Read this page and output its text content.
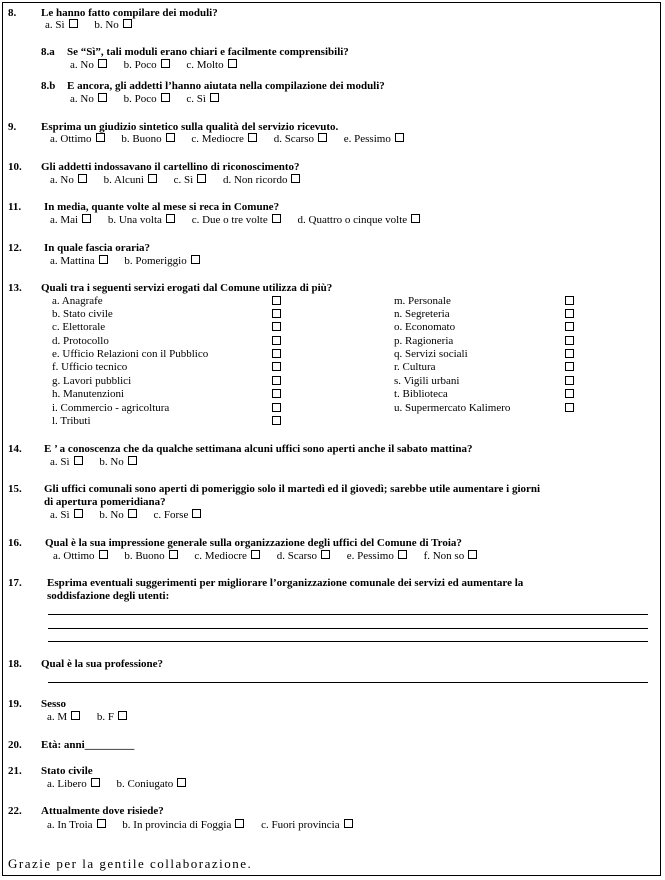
8. Le hanno fatto compilare dei moduli?
a. Sì	b. No
8.a Se “Sì”, tali moduli erano chiari e facilmente comprensibili?
a. No	b. Poco	c. Molto
8.b E ancora, gli addetti l’hanno aiutata nella compilazione dei moduli?
a. No	b. Poco	c. Sì
9. Esprima un giudizio sintetico sulla qualità del servizio ricevuto.
a. Ottimo	b. Buono	c. Mediocre	d. Scarso	e. Pessimo
10. Gli addetti indossavano il cartellino di riconoscimento?
a. No	b. Alcuni	c. Sì	d. Non ricordo
11. In media, quante volte al mese si reca in Comune?
a. Mai	b. Una volta	c. Due o tre volte	d. Quattro o cinque volte
12. In quale fascia oraria?
a. Mattina	b. Pomeriggio
13. Quali tra i seguenti servizi erogati dal Comune utilizza di più?
a. Anagrafe
b. Stato civile
c. Elettorale
d. Protocollo
e. Ufficio Relazioni con il Pubblico
f. Ufficio tecnico
g. Lavori pubblici
h. Manutenzioni
i. Commercio - agricoltura
l. Tributi
m. Personale
n. Segreteria
o. Economato
p. Ragioneria
q. Servizi sociali
r. Cultura
s. Vigili urbani
t. Biblioteca
u. Supermercato Kalimero
14. E ’ a conoscenza che da qualche settimana alcuni uffici sono aperti anche il sabato mattina?
a. Sì	b. No
15. Gli uffici comunali sono aperti di pomeriggio solo il martedì ed il giovedì; sarebbe utile aumentare i giorni
di apertura pomeridiana?
a. Sì	b. No	c. Forse
16. Qual è la sua impressione generale sulla organizzazione degli uffici del Comune di Troia?
a. Ottimo	b. Buono	c. Mediocre	d. Scarso	e. Pessimo	f. Non so
17. Esprima eventuali suggerimenti per migliorare l’organizzazione comunale dei servizi ed aumentare la
soddisfazione degli utenti:
18. Qual è la sua professione?
19. Sesso
a. M	b. F
20. Età: anni_________
21. Stato civile
a. Libero	b. Coniugato
22. Attualmente dove risiede?
a. In Troia	b. In provincia di Foggia	c. Fuori provincia
Grazie per la gentile collaborazione.
